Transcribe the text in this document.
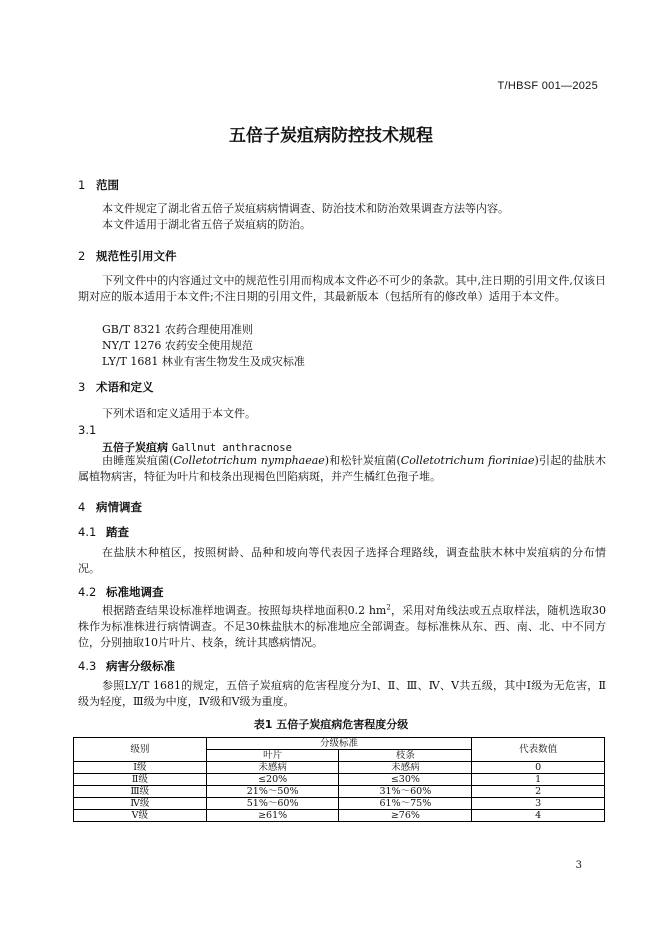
T/HBSF 001—2025
五倍子炭疽病防控技术规程
1 范围
本文件规定了湖北省五倍子炭疽病病情调查、防治技术和防治效果调查方法等内容。
本文件适用于湖北省五倍子炭疽病的防治。
2 规范性引用文件
下列文件中的内容通过文中的规范性引用而构成本文件必不可少的条款。其中,注日期的引用文件,仅该日期对应的版本适用于本文件;不注日期的引用文件，其最新版本（包括所有的修改单）适用于本文件。
GB/T 8321 农药合理使用准则
NY/T 1276 农药安全使用规范
LY/T 1681 林业有害生物发生及成灾标准
3 术语和定义
下列术语和定义适用于本文件。
3.1
五倍子炭疽病 Gallnut anthracnose
由睡莲炭疽菌(Colletotrichum nymphaeae)和松针炭疽菌(Colletotrichum fioriniae)引起的盐肤木属植物病害，特征为叶片和枝条出现褐色凹陷病斑，并产生橘红色孢子堆。
4 病情调查
4.1 踏查
在盐肤木种植区，按照树龄、品种和坡向等代表因子选择合理路线，调查盐肤木林中炭疽病的分布情况。
4.2 标准地调查
根据踏查结果设标准样地调查。按照每块样地面积0.2 $hm^2$，采用对角线法或五点取样法，随机选取30株作为标准株进行病情调查。不足30株盐肤木的标准地应全部调查。每标准株从东、西、南、北、中不同方位，分别抽取10片叶片、枝条，统计其感病情况。
4.3 病害分级标准
参照LY/T 1681的规定，五倍子炭疽病的危害程度分为Ⅰ、Ⅱ、Ⅲ、Ⅳ、Ⅴ共五级，其中Ⅰ级为无危害，Ⅱ级为轻度，Ⅲ级为中度，Ⅳ级和Ⅴ级为重度。
表1 五倍子炭疽病危害程度分级
级别	分级标准		代表数值
	叶片	枝条	
Ⅰ级	未感病	未感病	0
Ⅱ级	≤20%	≤30%	1
Ⅲ级	21%～50%	31%～60%	2
Ⅳ级	51%～60%	61%～75%	3
Ⅴ级	≥61%	≥76%	4
3
